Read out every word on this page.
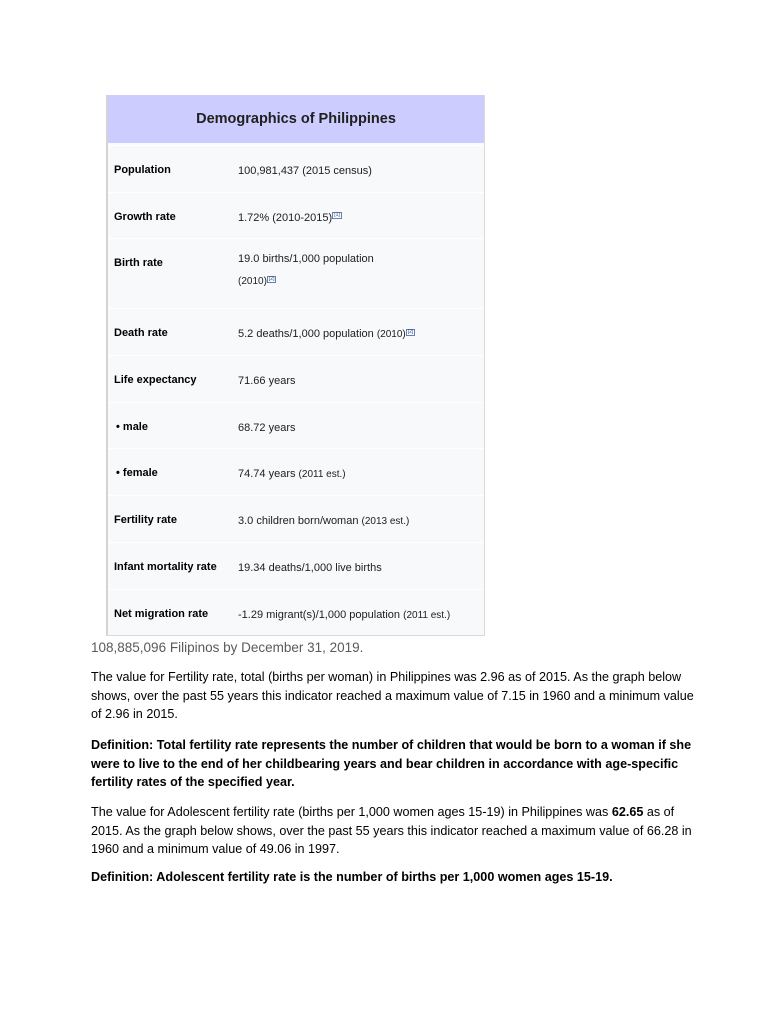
Demographics of Philippines
Population	100,981,437 (2015 census)
Growth rate	1.72% (2010-2015) [1]
Birth rate	19.0 births/1,000 population
(2010) [2]
Death rate	5.2 deaths/1,000 population (2010) [2]
Life expectancy	71.66 years
• male	68.72 years
• female	74.74 years (2011 est.)
Fertility rate	3.0 children born/woman (2013 est.)
Infant mortality rate 19.34 deaths/1,000 live births
Net migration rate	-1.29 migrant(s)/1,000 population (2011 est.)
108,885,096 Filipinos by December 31, 2019.
The value for Fertility rate, total (births per woman) in Philippines was 2.96 as of 2015. As the graph below shows, over the past 55 years this indicator reached a maximum value of 7.15 in 1960 and a minimum value of 2.96 in 2015.
Definition: Total fertility rate represents the number of children that would be born to a woman if she were to live to the end of her childbearing years and bear children in accordance with age-specific fertility rates of the specified year.
The value for Adolescent fertility rate (births per 1,000 women ages 15-19) in Philippines was 62.65 as of 2015. As the graph below shows, over the past 55 years this indicator reached a maximum value of 66.28 in 1960 and a minimum value of 49.06 in 1997.
Definition: Adolescent fertility rate is the number of births per 1,000 women ages 15-19.
